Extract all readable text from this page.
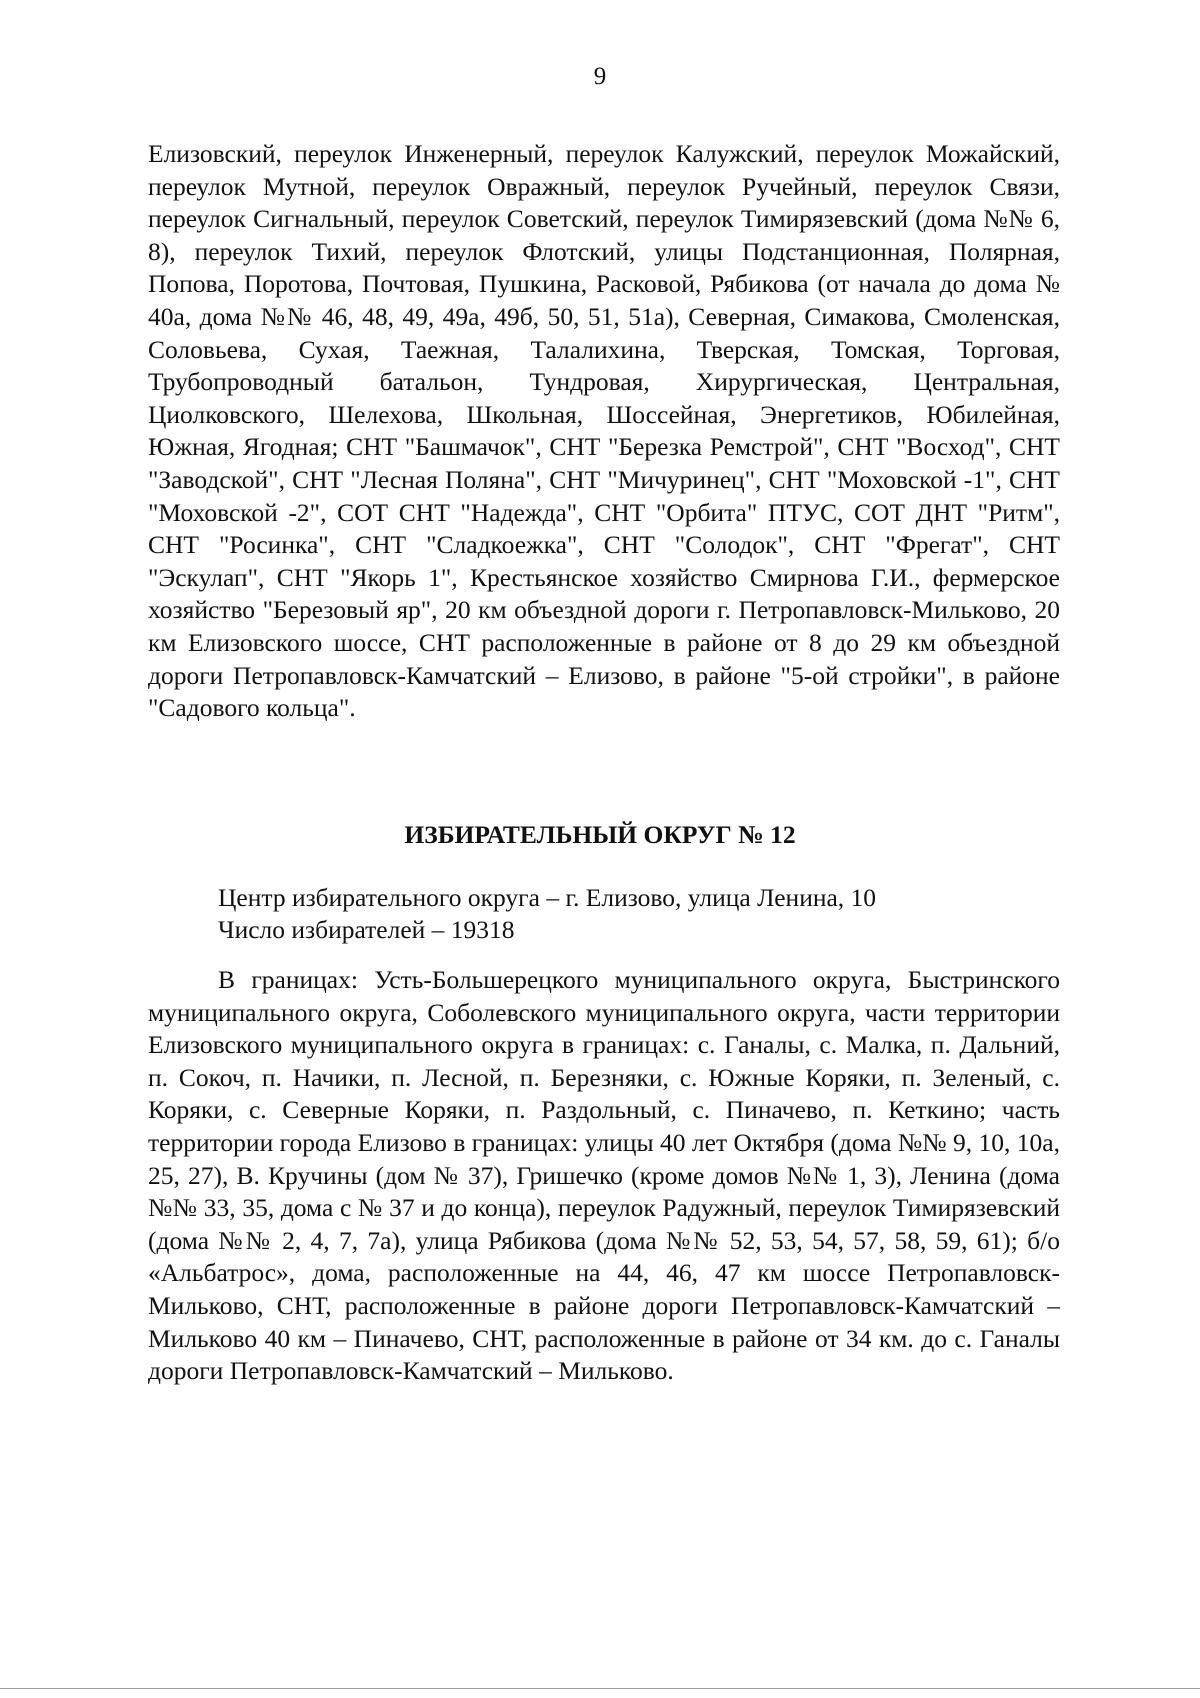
9

Елизовский, переулок Инженерный, переулок Калужский, переулок Можайский, переулок Мутной, переулок Овражный, переулок Ручейный, переулок Связи, переулок Сигнальный, переулок Советский, переулок Тимирязевский (дома №№ 6, 8), переулок Тихий, переулок Флотский, улицы Подстанционная, Полярная, Попова, Поротова, Почтовая, Пушкина, Расковой, Рябикова (от начала до дома № 40а, дома №№ 46, 48, 49, 49а, 49б, 50, 51, 51а), Северная, Симакова, Смоленская, Соловьева, Сухая, Таежная, Талалихина, Тверская, Томская, Торговая, Трубопроводный батальон, Тундровая, Хирургическая, Центральная, Циолковского, Шелехова, Школьная, Шоссейная, Энергетиков, Юбилейная, Южная, Ягодная; СНТ "Башмачок", СНТ "Березка Ремстрой", СНТ "Восход", СНТ "Заводской", СНТ "Лесная Поляна", СНТ "Мичуринец", СНТ "Моховской -1", СНТ "Моховской -2", СОТ СНТ "Надежда", СНТ "Орбита" ПТУС, СОТ ДНТ "Ритм", СНТ "Росинка", СНТ "Сладкоежка", СНТ "Солодок", СНТ "Фрегат", СНТ "Эскулап", СНТ "Якорь 1", Крестьянское хозяйство Смирнова Г.И., фермерское хозяйство "Березовый яр", 20 км объездной дороги г. Петропавловск-Мильково, 20 км Елизовского шоссе, СНТ расположенные в районе от 8 до 29 км объездной дороги Петропавловск-Камчатский – Елизово, в районе "5-ой стройки", в районе "Садового кольца".

ИЗБИРАТЕЛЬНЫЙ ОКРУГ № 12
Центр избирательного округа – г. Елизово, улица Ленина, 10
Число избирателей – 19318

В границах: Усть-Большерецкого муниципального округа, Быстринского муниципального округа, Соболевского муниципального округа, части территории Елизовского муниципального округа в границах: с. Ганалы, с. Малка, п. Дальний, п. Сокоч, п. Начики, п. Лесной, п. Березняки, с. Южные Коряки, п. Зеленый, с. Коряки, с. Северные Коряки, п. Раздольный, с. Пиначево, п. Кеткино; часть территории города Елизово в границах: улицы 40 лет Октября (дома №№ 9, 10, 10а, 25, 27), В. Кручины (дом № 37), Гришечко (кроме домов №№ 1, 3), Ленина (дома №№ 33, 35, дома с № 37 и до конца), переулок Радужный, переулок Тимирязевский (дома №№ 2, 4, 7, 7а), улица Рябикова (дома №№ 52, 53, 54, 57, 58, 59, 61); б/о «Альбатрос», дома, расположенные на 44, 46, 47 км шоссе Петропавловск-Мильково, СНТ, расположенные в районе дороги Петропавловск-Камчатский – Мильково 40 км – Пиначево, СНТ, расположенные в районе от 34 км. до с. Ганалы дороги Петропавловск-Камчатский – Мильково.
